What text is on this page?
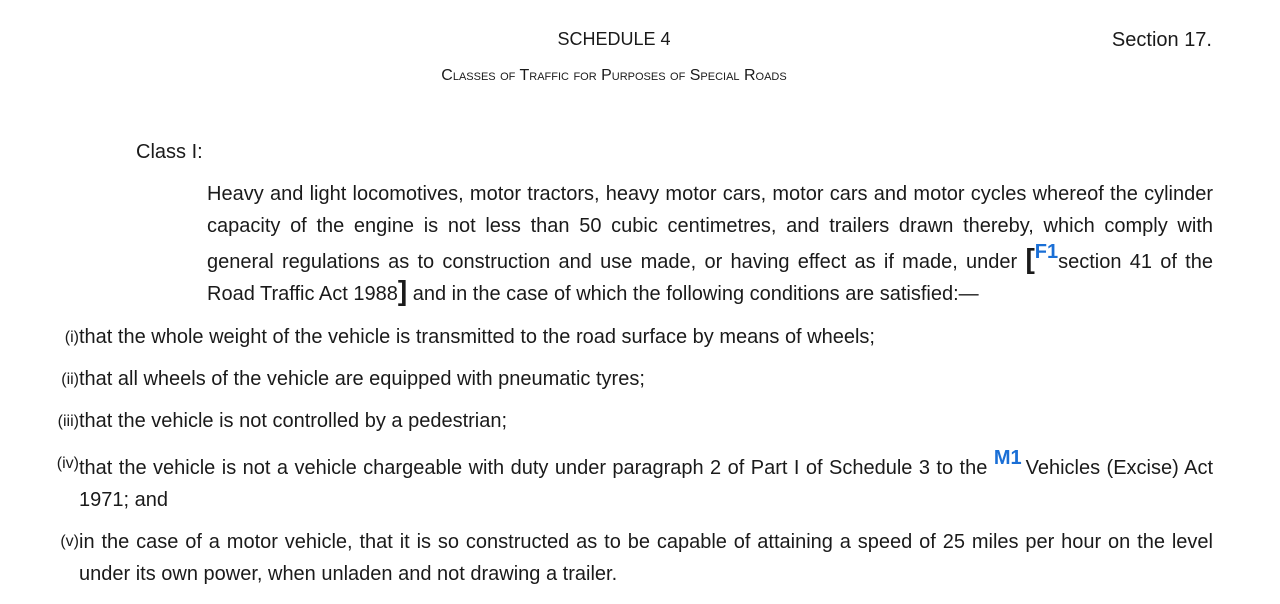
SCHEDULE 4	Section 17.
Classes of Traffic for Purposes of Special Roads
Class I:
Heavy and light locomotives, motor tractors, heavy motor cars, motor cars and motor cycles whereof the cylinder capacity of the engine is not less than 50 cubic centimetres, and trailers drawn thereby, which comply with general regulations as to construction and use made, or having effect as if made, under [F1section 41 of the Road Traffic Act 1988] and in the case of which the following conditions are satisfied:—
(i) that the whole weight of the vehicle is transmitted to the road surface by means of wheels;
(ii) that all wheels of the vehicle are equipped with pneumatic tyres;
(iii) that the vehicle is not controlled by a pedestrian;
(iv) that the vehicle is not a vehicle chargeable with duty under paragraph 2 of Part I of Schedule 3 to the M1 Vehicles (Excise) Act 1971; and
(v) in the case of a motor vehicle, that it is so constructed as to be capable of attaining a speed of 25 miles per hour on the level under its own power, when unladen and not drawing a trailer.
